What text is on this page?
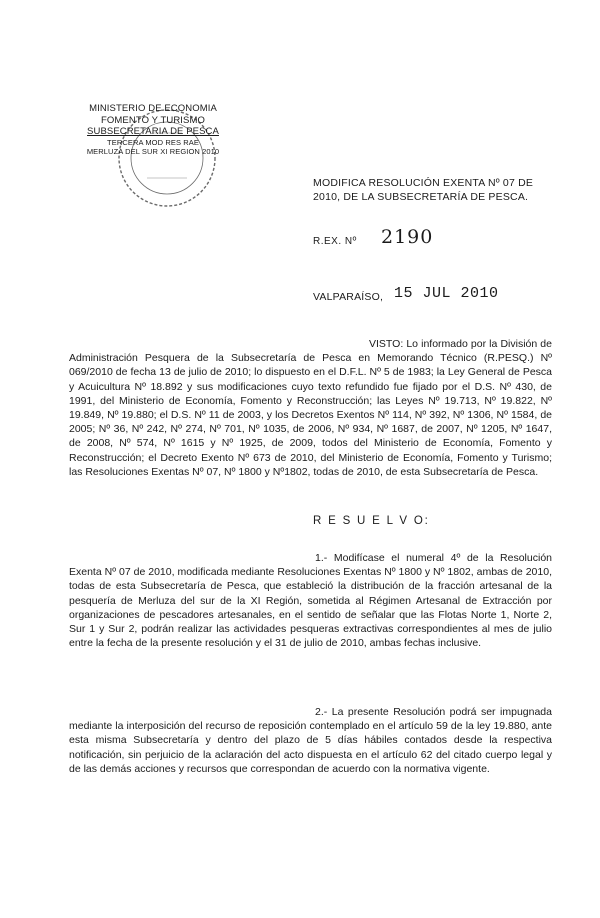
MINISTERIO DE ECONOMIA
FOMENTO Y TURISMO
SUBSECRETARIA DE PESCA
TERCERA MOD RES RAE
MERLUZA DEL SUR XI REGION 2010
MODIFICA RESOLUCIÓN EXENTA Nº 07 DE 2010, DE LA SUBSECRETARÍA DE PESCA.
R.EX. Nº 2190
VALPARAÍSO, 15 JUL 2010
VISTO: Lo informado por la División de Administración Pesquera de la Subsecretaría de Pesca en Memorando Técnico (R.PESQ.) Nº 069/2010 de fecha 13 de julio de 2010; lo dispuesto en el D.F.L. Nº 5 de 1983; la Ley General de Pesca y Acuicultura Nº 18.892 y sus modificaciones cuyo texto refundido fue fijado por el D.S. Nº 430, de 1991, del Ministerio de Economía, Fomento y Reconstrucción; las Leyes Nº 19.713, Nº 19.822, Nº 19.849, Nº 19.880; el D.S. Nº 11 de 2003, y los Decretos Exentos Nº 114, Nº 392, Nº 1306, Nº 1584, de 2005; Nº 36, Nº 242, Nº 274, Nº 701, Nº 1035, de 2006, Nº 934, Nº 1687, de 2007, Nº 1205, Nº 1647, de 2008, Nº 574, Nº 1615 y Nº 1925, de 2009, todos del Ministerio de Economía, Fomento y Reconstrucción; el Decreto Exento Nº 673 de 2010, del Ministerio de Economía, Fomento y Turismo; las Resoluciones Exentas Nº 07, Nº 1800 y Nº1802, todas de 2010, de esta Subsecretaría de Pesca.
R E S U E L V O:
1.- Modifícase el numeral 4º de la Resolución Exenta Nº 07 de 2010, modificada mediante Resoluciones Exentas Nº 1800 y Nº 1802, ambas de 2010, todas de esta Subsecretaría de Pesca, que estableció la distribución de la fracción artesanal de la pesquería de Merluza del sur de la XI Región, sometida al Régimen Artesanal de Extracción por organizaciones de pescadores artesanales, en el sentido de señalar que las Flotas Norte 1, Norte 2, Sur 1 y Sur 2, podrán realizar las actividades pesqueras extractivas correspondientes al mes de julio entre la fecha de la presente resolución y el 31 de julio de 2010, ambas fechas inclusive.
2.- La presente Resolución podrá ser impugnada mediante la interposición del recurso de reposición contemplado en el artículo 59 de la ley 19.880, ante esta misma Subsecretaría y dentro del plazo de 5 días hábiles contados desde la respectiva notificación, sin perjuicio de la aclaración del acto dispuesta en el artículo 62 del citado cuerpo legal y de las demás acciones y recursos que correspondan de acuerdo con la normativa vigente.
